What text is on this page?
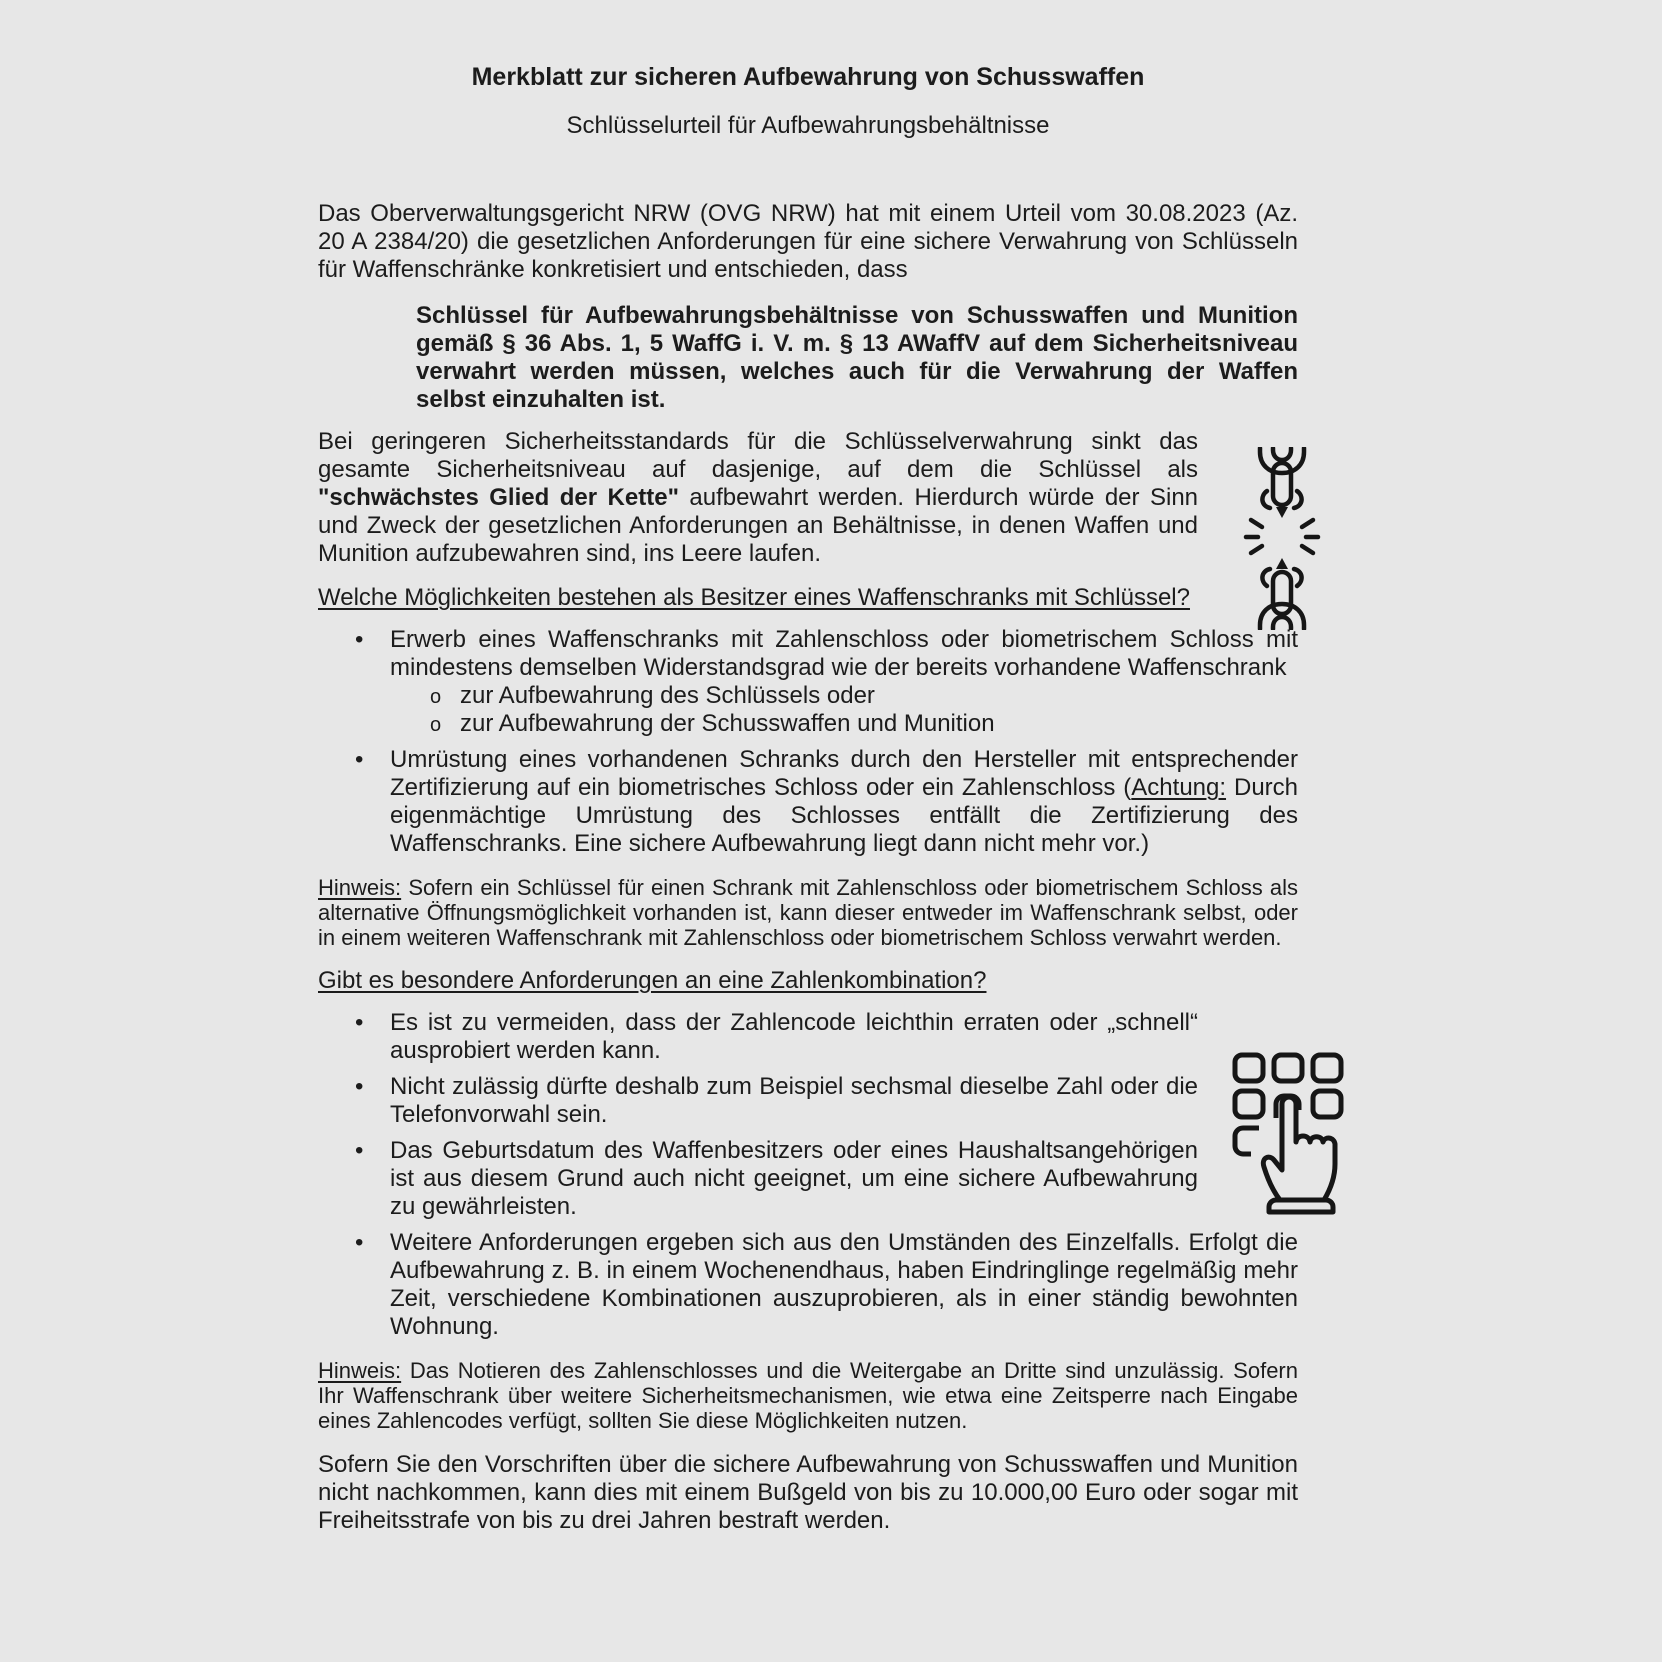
Merkblatt zur sicheren Aufbewahrung von Schusswaffen
Schlüsselurteil für Aufbewahrungsbehältnisse

Das Oberverwaltungsgericht NRW (OVG NRW) hat mit einem Urteil vom 30.08.2023 (Az. 20 A 2384/20) die gesetzlichen Anforderungen für eine sichere Verwahrung von Schlüsseln für Waffenschränke konkretisiert und entschieden, dass

Schlüssel für Aufbewahrungsbehältnisse von Schusswaffen und Munition gemäß § 36 Abs. 1, 5 WaffG i. V. m. § 13 AWaffV auf dem Sicherheitsniveau verwahrt werden müssen, welches auch für die Verwahrung der Waffen selbst einzuhalten ist.

Bei geringeren Sicherheitsstandards für die Schlüsselverwahrung sinkt das gesamte Sicherheitsniveau auf dasjenige, auf dem die Schlüssel als "schwächstes Glied der Kette" aufbewahrt werden. Hierdurch würde der Sinn und Zweck der gesetzlichen Anforderungen an Behältnisse, in denen Waffen und Munition aufzubewahren sind, ins Leere laufen.

Welche Möglichkeiten bestehen als Besitzer eines Waffenschranks mit Schlüssel?
• Erwerb eines Waffenschranks mit Zahlenschloss oder biometrischem Schloss mit mindestens demselben Widerstandsgrad wie der bereits vorhandene Waffenschrank
o zur Aufbewahrung des Schlüssels oder
o zur Aufbewahrung der Schusswaffen und Munition
• Umrüstung eines vorhandenen Schranks durch den Hersteller mit entsprechender Zertifizierung auf ein biometrisches Schloss oder ein Zahlenschloss (Achtung: Durch eigenmächtige Umrüstung des Schlosses entfällt die Zertifizierung des Waffenschranks. Eine sichere Aufbewahrung liegt dann nicht mehr vor.)

Hinweis: Sofern ein Schlüssel für einen Schrank mit Zahlenschloss oder biometrischem Schloss als alternative Öffnungsmöglichkeit vorhanden ist, kann dieser entweder im Waffenschrank selbst, oder in einem weiteren Waffenschrank mit Zahlenschloss oder biometrischem Schloss verwahrt werden.

Gibt es besondere Anforderungen an eine Zahlenkombination?
• Es ist zu vermeiden, dass der Zahlencode leichthin erraten oder „schnell“ ausprobiert werden kann.
• Nicht zulässig dürfte deshalb zum Beispiel sechsmal dieselbe Zahl oder die Telefonvorwahl sein.
• Das Geburtsdatum des Waffenbesitzers oder eines Haushaltsangehörigen ist aus diesem Grund auch nicht geeignet, um eine sichere Aufbewahrung zu gewährleisten.
• Weitere Anforderungen ergeben sich aus den Umständen des Einzelfalls. Erfolgt die Aufbewahrung z. B. in einem Wochenendhaus, haben Eindringlinge regelmäßig mehr Zeit, verschiedene Kombinationen auszuprobieren, als in einer ständig bewohnten Wohnung.

Hinweis: Das Notieren des Zahlenschlosses und die Weitergabe an Dritte sind unzulässig. Sofern Ihr Waffenschrank über weitere Sicherheitsmechanismen, wie etwa eine Zeitsperre nach Eingabe eines Zahlencodes verfügt, sollten Sie diese Möglichkeiten nutzen.

Sofern Sie den Vorschriften über die sichere Aufbewahrung von Schusswaffen und Munition nicht nachkommen, kann dies mit einem Bußgeld von bis zu 10.000,00 Euro oder sogar mit Freiheitsstrafe von bis zu drei Jahren bestraft werden.
